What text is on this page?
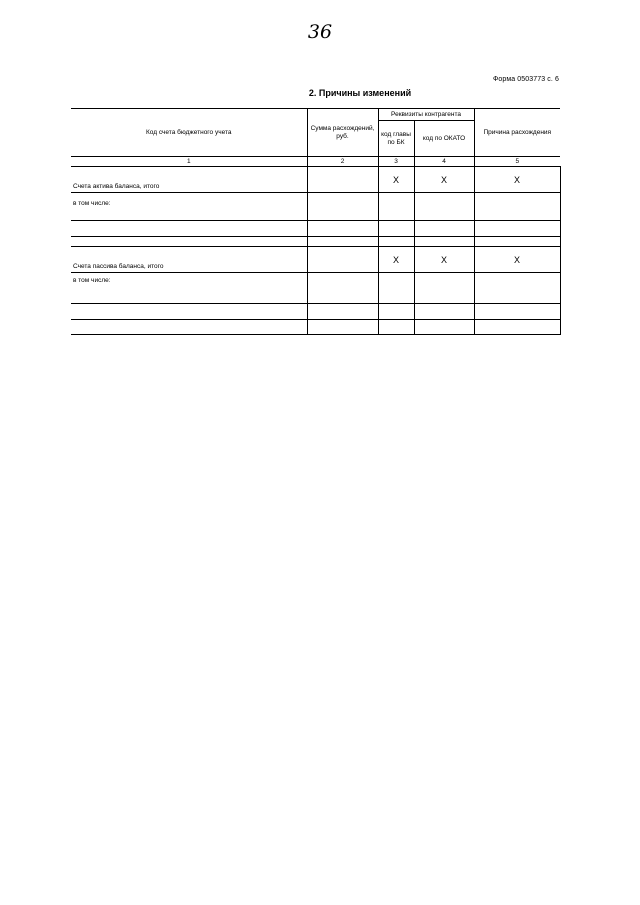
36
Форма 0503773 с. 6
2. Причины изменений
Код счета бюджетного учета	Сумма расхождений, руб.	Реквизиты контрагента		Причина расхождения
		код главы по БК	код по ОКАТО	
1	2	3	4	5
Счета актива баланса, итого		X	X	X
в том числе:				

Счета пассива баланса, итого		X	X	X
в том числе:				
